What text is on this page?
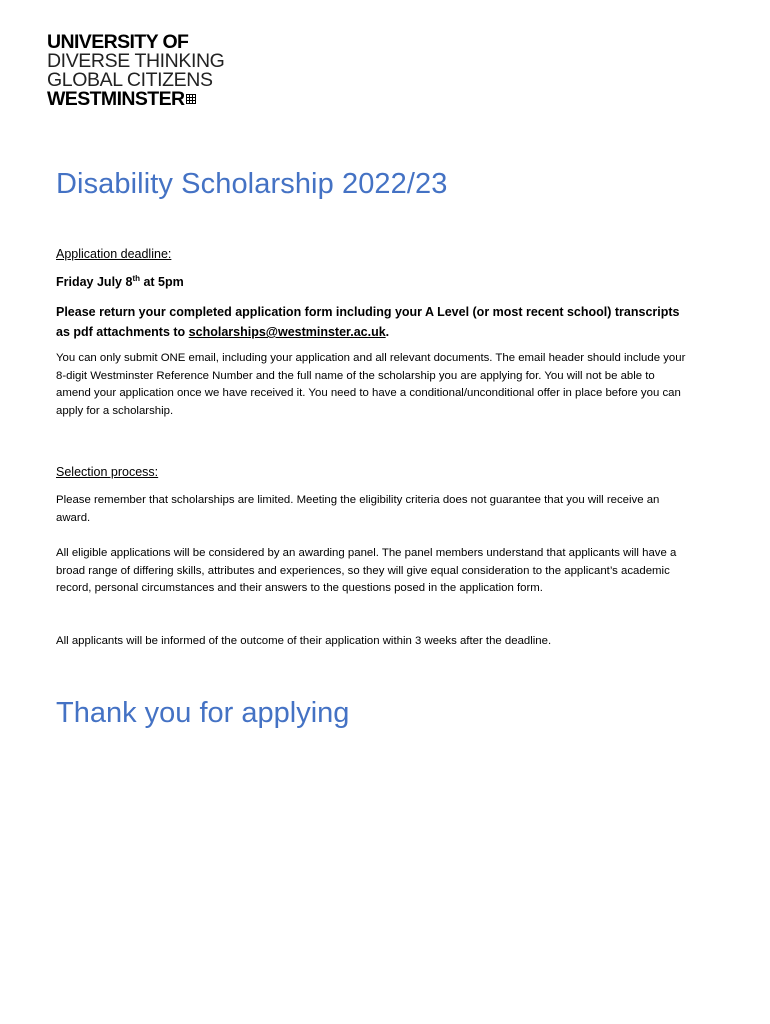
UNIVERSITY OF
DIVERSE THINKING
GLOBAL CITIZENS
WESTMINSTER
Disability Scholarship 2022/23
Application deadline:
Friday July 8th at 5pm
Please return your completed application form including your A Level (or most recent school) transcripts as pdf attachments to scholarships@westminster.ac.uk.
You can only submit ONE email, including your application and all relevant documents. The email header should include your 8-digit Westminster Reference Number and the full name of the scholarship you are applying for. You will not be able to amend your application once we have received it. You need to have a conditional/unconditional offer in place before you can apply for a scholarship.
Selection process:
Please remember that scholarships are limited. Meeting the eligibility criteria does not guarantee that you will receive an award.
All eligible applications will be considered by an awarding panel. The panel members understand that applicants will have a broad range of differing skills, attributes and experiences, so they will give equal consideration to the applicant’s academic record, personal circumstances and their answers to the questions posed in the application form.
All applicants will be informed of the outcome of their application within 3 weeks after the deadline.
Thank you for applying
